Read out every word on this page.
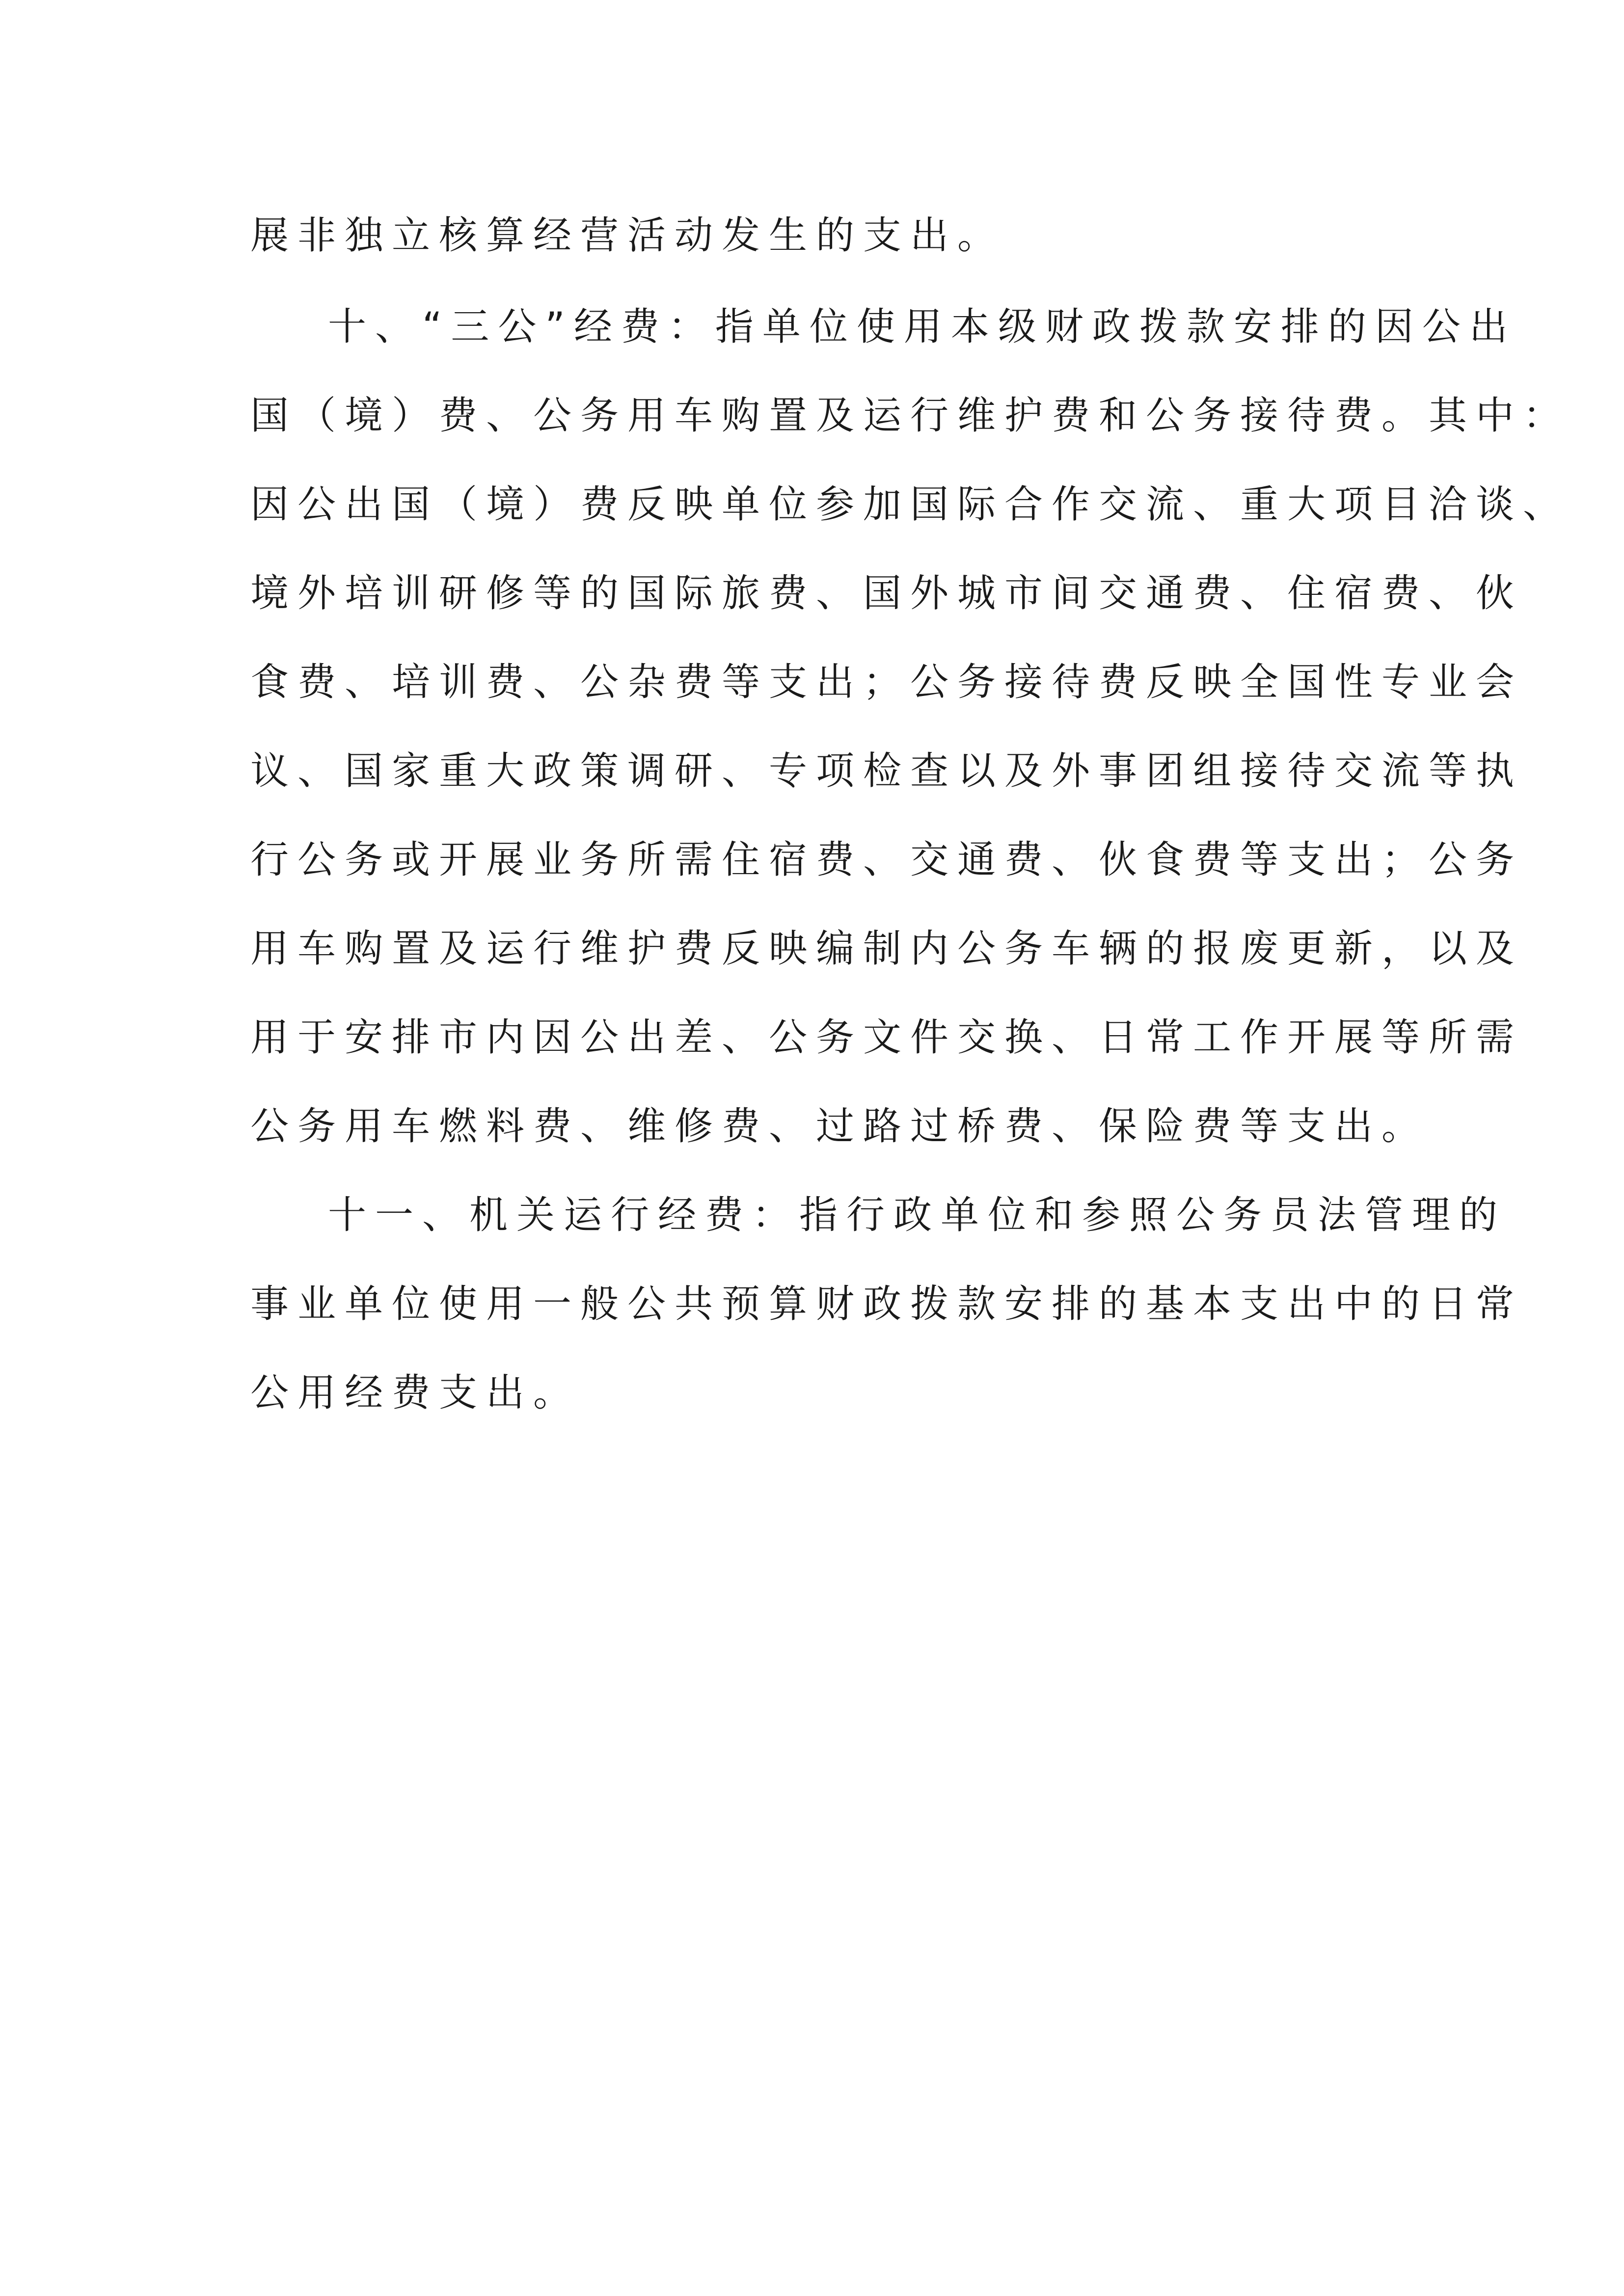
展非独立核算经营活动发生的支出。
十、“三公”经费：指单位使用本级财政拨款安排的因公出
国（境）费、公务用车购置及运行维护费和公务接待费。其中：
因公出国（境）费反映单位参加国际合作交流、重大项目洽谈、
境外培训研修等的国际旅费、国外城市间交通费、住宿费、伙
食费、培训费、公杂费等支出；公务接待费反映全国性专业会
议、国家重大政策调研、专项检查以及外事团组接待交流等执
行公务或开展业务所需住宿费、交通费、伙食费等支出；公务
用车购置及运行维护费反映编制内公务车辆的报废更新，以及
用于安排市内因公出差、公务文件交换、日常工作开展等所需
公务用车燃料费、维修费、过路过桥费、保险费等支出。
十一、机关运行经费：指行政单位和参照公务员法管理的
事业单位使用一般公共预算财政拨款安排的基本支出中的日常
公用经费支出。
